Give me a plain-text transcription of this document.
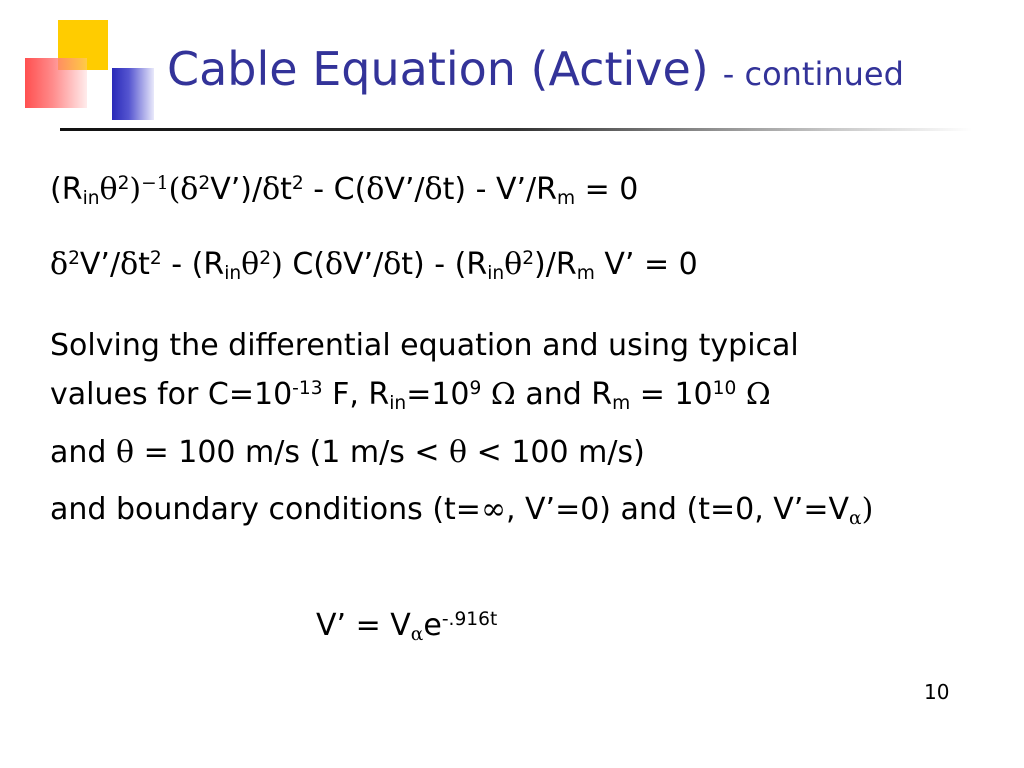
Cable Equation (Active) - continued
$(R_{in}\theta^2)^{-1}(\delta^2V’)/\delta t^2$ - C(δV’/δt) - $V’/R_m = 0$
$\delta^2V’/\delta t^2 - (R_{in}\theta^2)$ C(δV’/δt) - $(R_{in}\theta^2)/R_m$ V’ = 0
Solving the differential equation and using typical
values for $C=10^{-13}$ F, $R_{in}=10^9$ Ω and $R_m = 10^{10}$ Ω
and θ = 100 m/s (1 m/s < θ < 100 m/s)
and boundary conditions (t=∞, V’=0) and (t=0, $V’=V_\alpha$)
V’ = $V_\alpha e^{-.916t}$
10
